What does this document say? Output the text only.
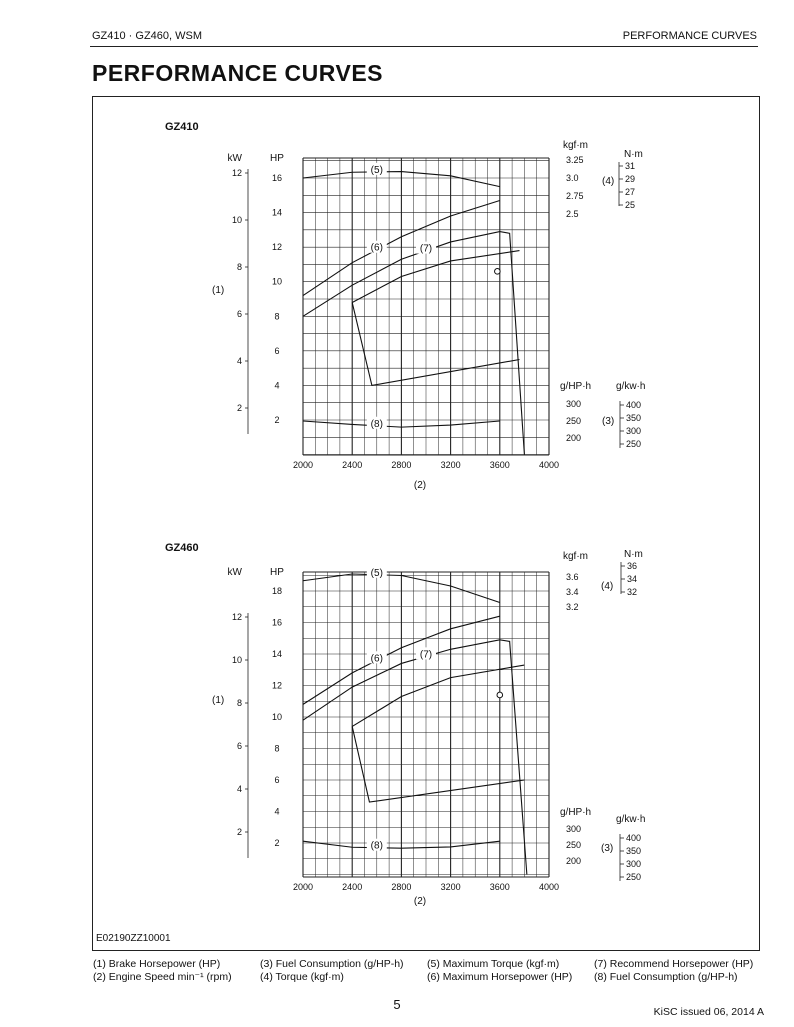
GZ410 · GZ460, WSM	PERFORMANCE CURVES
PERFORMANCE CURVES
GZ410
2000	2400	2800	3200	3600	4000
(2)
2
4
6
8
10
12
kW
(1)
2
4
6
8
10
12
14
16
HP
kgf·m
2.5
2.75
3.0
3.25	N·m
31
29
27
25
(4)
g/HP·h
200
250
300
g/kw·h
400
350
300
250
(3)
(5)
(6)	(7)
(8)
GZ460
2000	2400	2800	3200	3600	4000
(2)
2
4
6
8
10
12
kW
(1)
2
4
6
8
10
12
14
16
18
HP
kgf·m
3.2
3.4
3.6
N·m
36
34
32
(4)
g/HP·h
200
250
300
g/kw·h
400
350
300
250
(3)
(5)
(6)	(7)
(8)
E02190ZZ10001
(1) Brake Horsepower (HP)
(2) Engine Speed min⁻¹ (rpm)
(3) Fuel Consumption (g/HP-h)
(4) Torque (kgf·m)
(5) Maximum Torque (kgf·m)
(6) Maximum Horsepower (HP)
(7) Recommend Horsepower (HP)
(8) Fuel Consumption (g/HP-h)
5	KiSC issued 06, 2014 A
